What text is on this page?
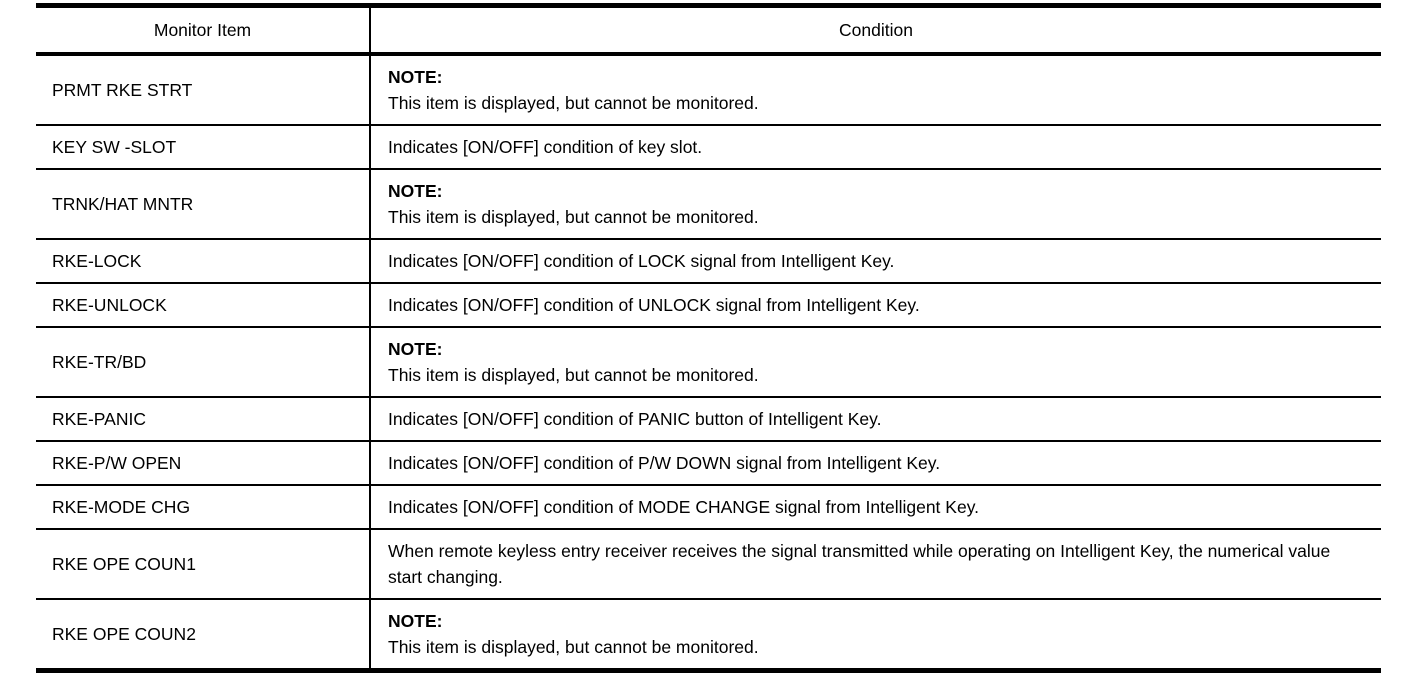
Monitor Item	Condition
PRMT RKE STRT	NOTE:
This item is displayed, but cannot be monitored.

KEY SW -SLOT	Indicates [ON/OFF] condition of key slot.

TRNK/HAT MNTR	NOTE:
This item is displayed, but cannot be monitored.

RKE-LOCK	Indicates [ON/OFF] condition of LOCK signal from Intelligent Key.

RKE-UNLOCK	Indicates [ON/OFF] condition of UNLOCK signal from Intelligent Key.

RKE-TR/BD	NOTE:
This item is displayed, but cannot be monitored.

RKE-PANIC	Indicates [ON/OFF] condition of PANIC button of Intelligent Key.

RKE-P/W OPEN	Indicates [ON/OFF] condition of P/W DOWN signal from Intelligent Key.

RKE-MODE CHG	Indicates [ON/OFF] condition of MODE CHANGE signal from Intelligent Key.

RKE OPE COUN1	When remote keyless entry receiver receives the signal transmitted while operating on Intelligent Key, the numerical value start changing.

RKE OPE COUN2	NOTE:
This item is displayed, but cannot be monitored.
